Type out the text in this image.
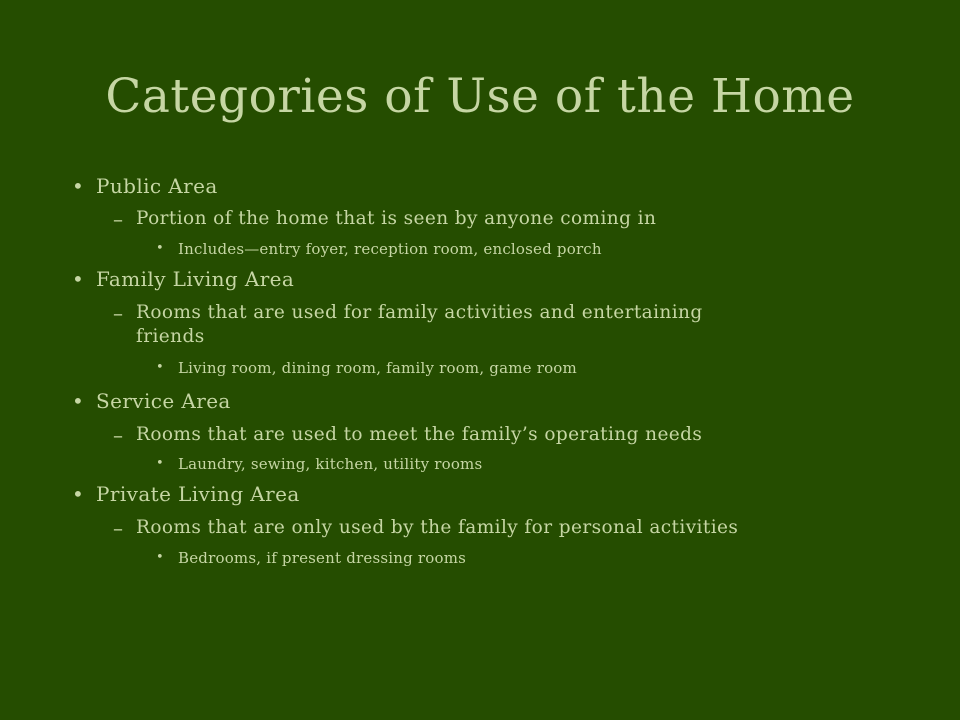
Categories of Use of the Home
• Public Area
– Portion of the home that is seen by anyone coming in
• Includes—entry foyer, reception room, enclosed porch
• Family Living Area
– Rooms that are used for family activities and entertaining
friends
• Living room, dining room, family room, game room
• Service Area
– Rooms that are used to meet the family’s operating needs
• Laundry, sewing, kitchen, utility rooms
• Private Living Area
– Rooms that are only used by the family for personal activities
• Bedrooms, if present dressing rooms
